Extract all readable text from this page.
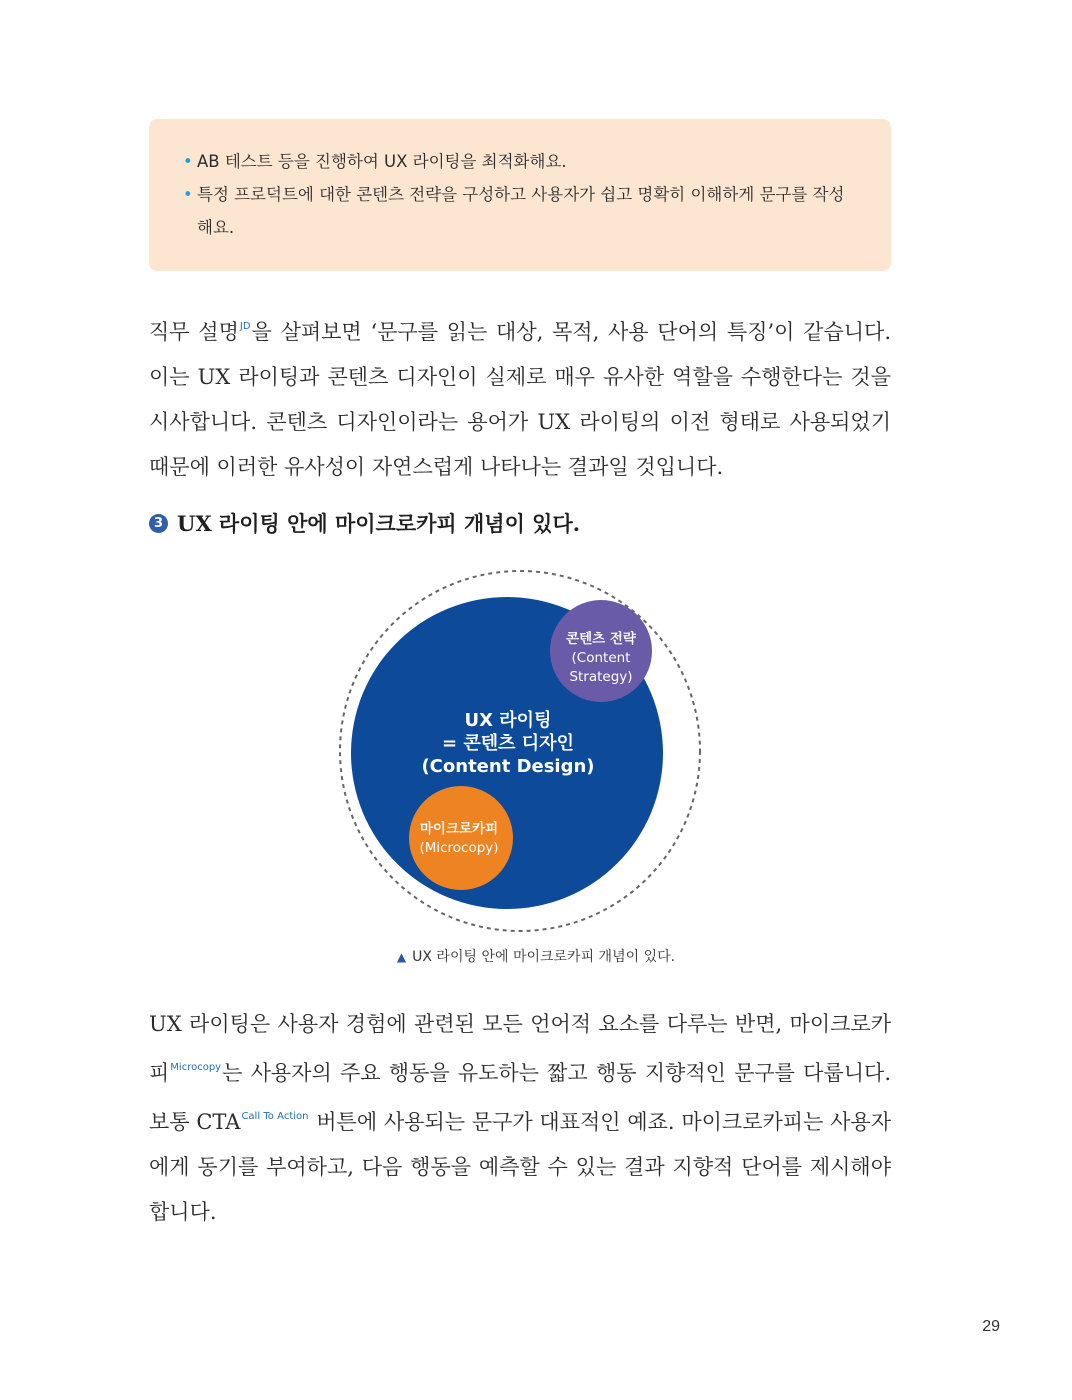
• AB 테스트 등을 진행하여 UX 라이팅을 최적화해요.
• 특정 프로덕트에 대한 콘텐츠 전략을 구성하고 사용자가 쉽고 명확히 이해하게 문구를 작성 해요.

직무 설명$^{JD}$을 살펴보면 ‘문구를 읽는 대상, 목적, 사용 단어의 특징’이 같습니다. 이는 UX 라이팅과 콘텐츠 디자인이 실제로 매우 유사한 역할을 수행한다는 것을 시사합니다. 콘텐츠 디자인이라는 용어가 UX 라이팅의 이전 형태로 사용되었기 때문에 이러한 유사성이 자연스럽게 나타나는 결과일 것입니다.

3 UX 라이팅 안에 마이크로카피 개념이 있다.
UX 라이팅
= 콘텐츠 디자인
(Content Design)
콘텐츠 전략
(Content
Strategy)
마이크로카피
(Microcopy)
▲ UX 라이팅 안에 마이크로카피 개념이 있다.

UX 라이팅은 사용자 경험에 관련된 모든 언어적 요소를 다루는 반면, 마이크로카피$^{Microcopy}$는 사용자의 주요 행동을 유도하는 짧고 행동 지향적인 문구를 다룹니다. 보통 $CTA^{Call To Action}$ 버튼에 사용되는 문구가 대표적인 예죠. 마이크로카피는 사용자에게 동기를 부여하고, 다음 행동을 예측할 수 있는 결과 지향적 단어를 제시해야 합니다.

29
